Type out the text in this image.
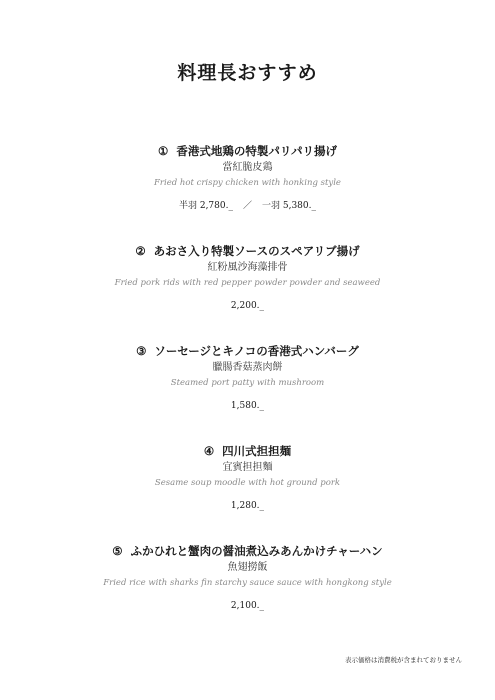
料理長おすすめ
① 香港式地鶏の特製パリパリ揚げ
當紅脆皮鶏
Fried hot crispy chicken with honking style
半羽 2,780._ ／ 一羽 5,380._
② あおさ入り特製ソースのスペアリブ揚げ
紅粉風沙海藻排骨
Fried pork rids with red pepper powder powder and seaweed
2,200._
③ ソーセージとキノコの香港式ハンバーグ
臘腸香菇蒸肉餅
Steamed port patty with mushroom
1,580._
④ 四川式担担麺
宜賓担担麵
Sesame soup moodle with hot ground pork
1,280._
⑤ ふかひれと蟹肉の醤油煮込みあんかけチャーハン
魚翅撈飯
Fried rice with sharks fin starchy sauce sauce with hongkong style
2,100._
表示価格は消費税が含まれておりません
